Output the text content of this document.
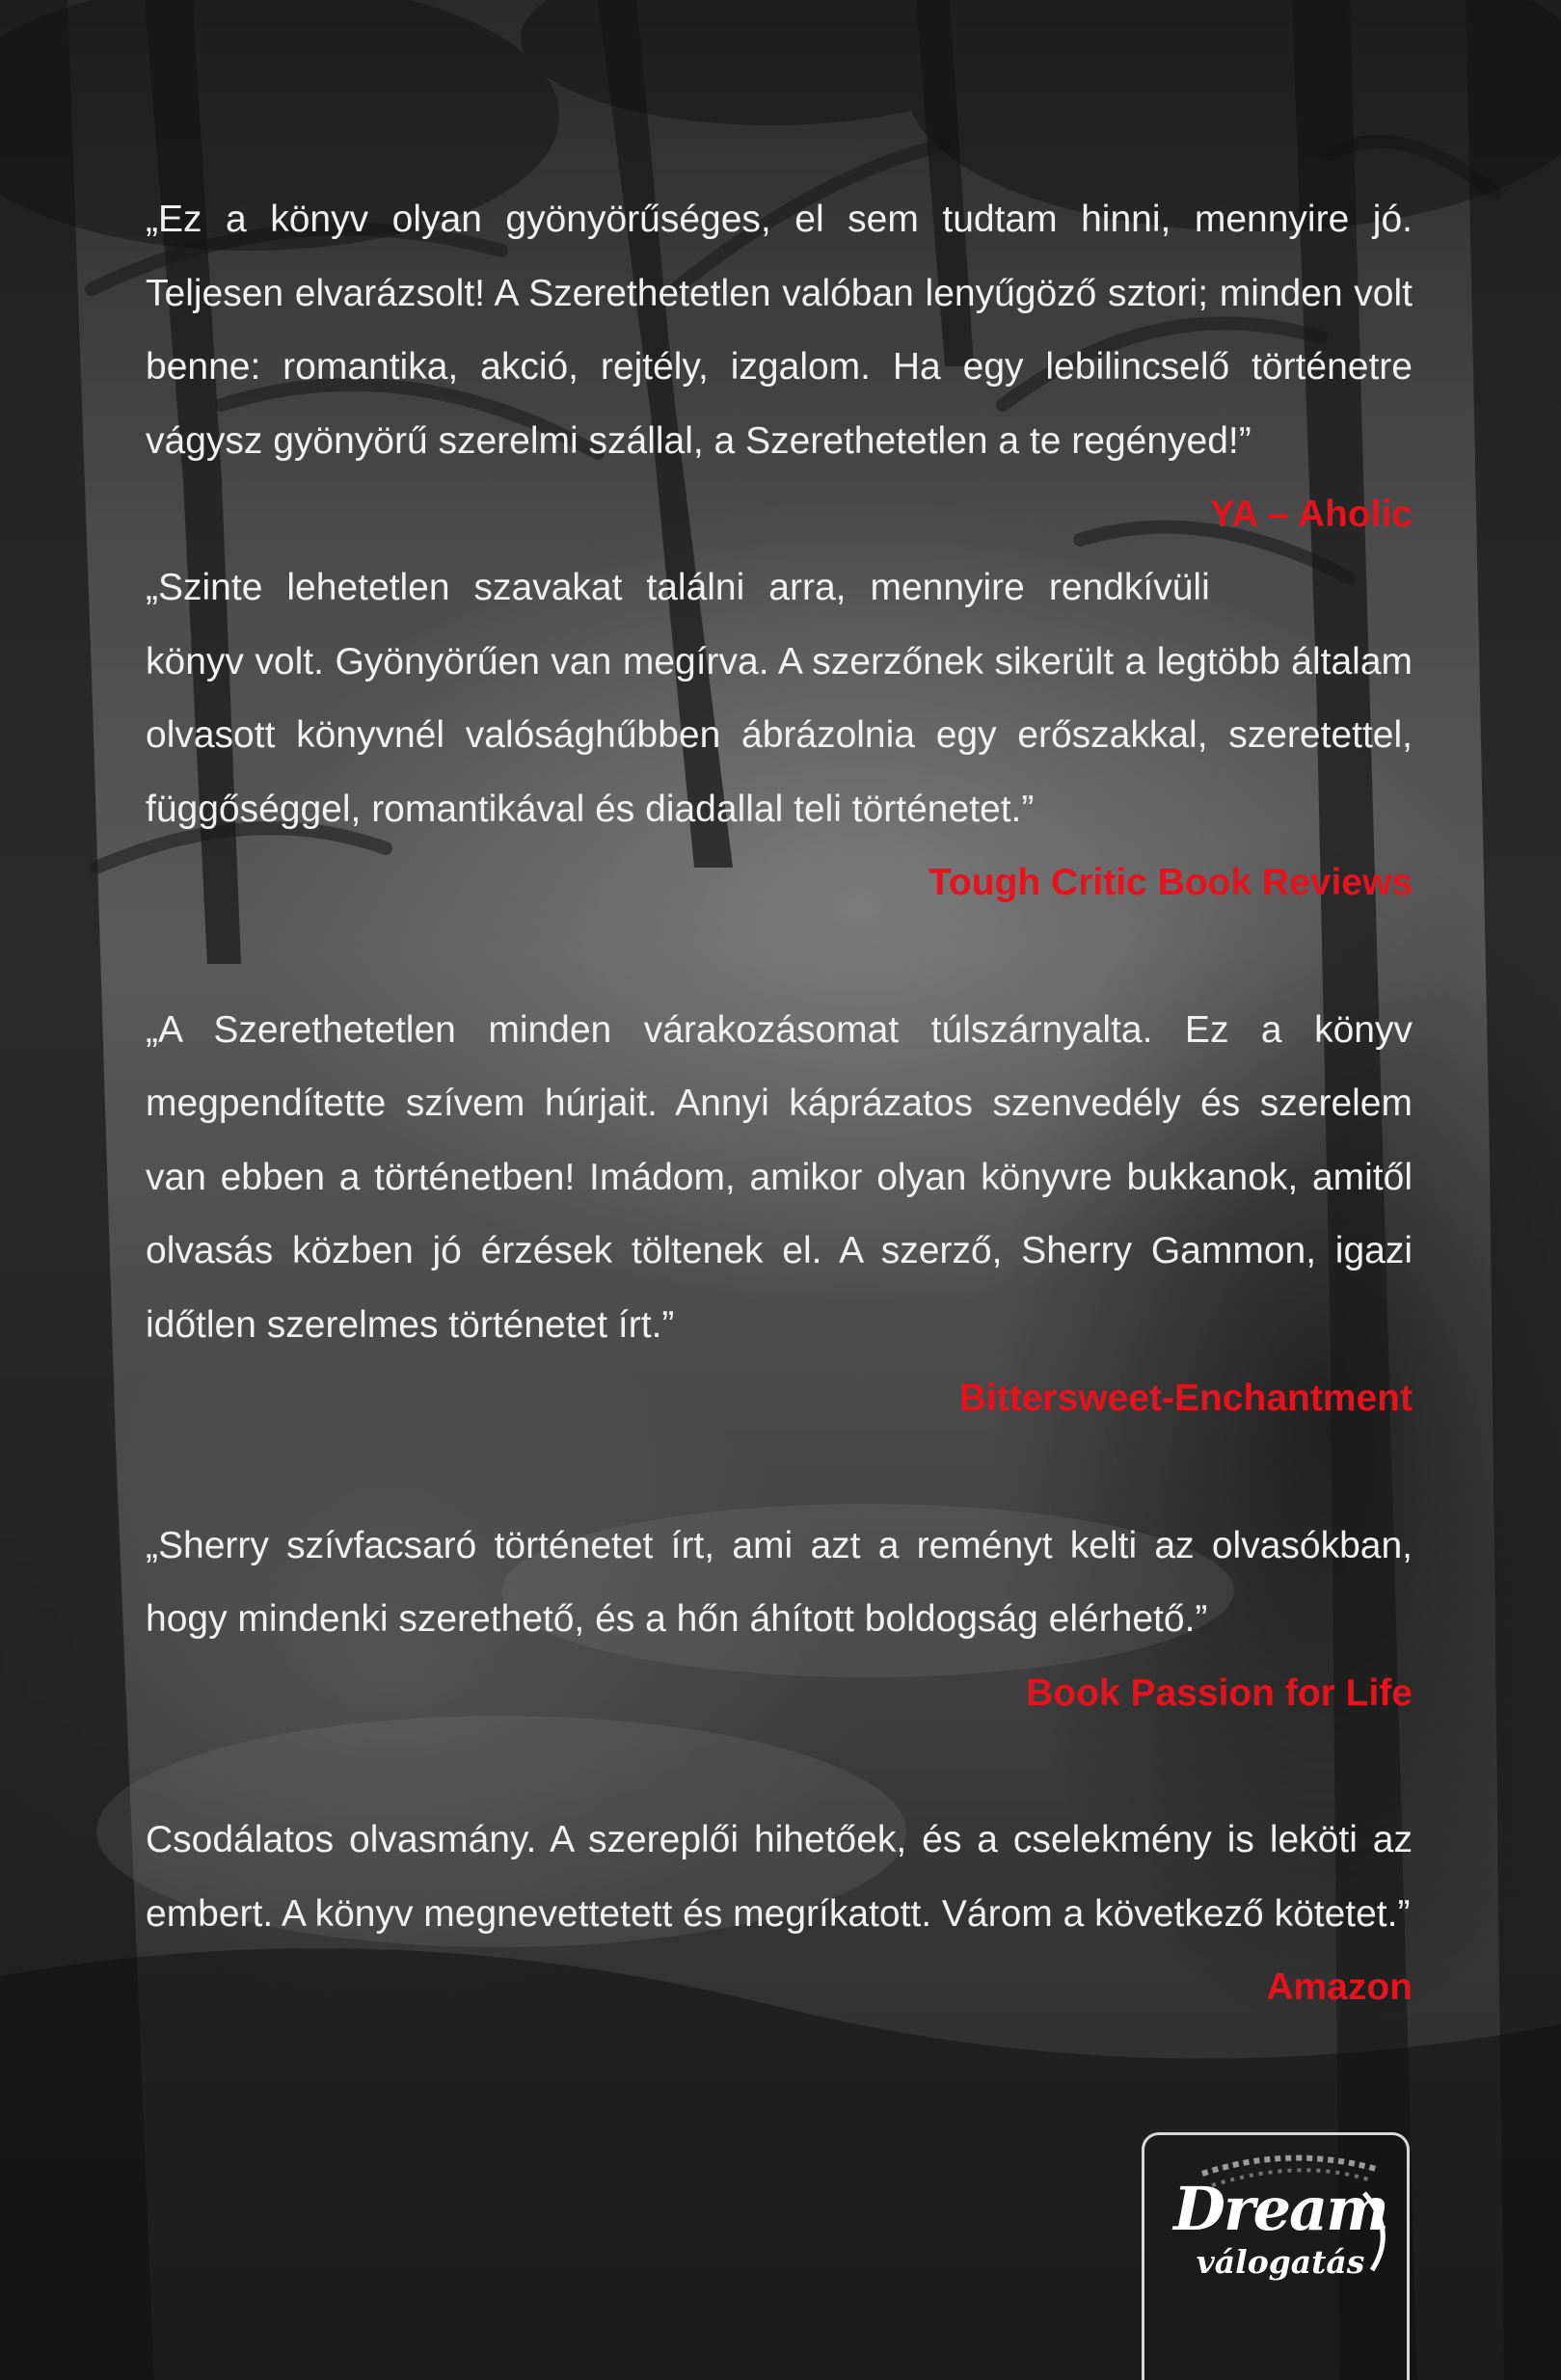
„Ez a könyv olyan gyönyörűséges, el sem tudtam hinni, mennyire jó. Teljesen elvarázsolt! A Szerethetetlen valóban lenyűgöző sztori; minden volt benne: romantika, akció, rejtély, izgalom. Ha egy lebilincselő történetre vágysz gyönyörű szerelmi szállal, a Szerethetetlen a te regényed!”
YA – Aholic

„Szinte lehetetlen szavakat találni arra, mennyire rendkívüli könyv volt. Gyönyörűen van megírva. A szerzőnek sikerült a legtöbb általam olvasott könyvnél valósághűbben ábrázolnia egy erőszakkal, szeretettel, függőséggel, romantikával és diadallal teli történetet.”

Tough Critic Book Reviews

„A Szerethetetlen minden várakozásomat túlszárnyalta. Ez a könyv megpendítette szívem húrjait. Annyi káprázatos szenvedély és szerelem van ebben a történetben! Imádom, amikor olyan könyvre bukkanok, amitől olvasás közben jó érzések töltenek el. A szerző, Sherry Gammon, igazi időtlen szerelmes történetet írt.”

Bittersweet-Enchantment

„Sherry szívfacsaró történetet írt, ami azt a reményt kelti az olvasókban, hogy mindenki szerethető, és a hőn áhított boldogság elérhető.”

Book Passion for Life

Csodálatos olvasmány. A szereplői hihetőek, és a cselekmény is leköti az embert. A könyv megnevettetett és megríkatott. Várom a következő kötetet.”
Amazon

Dream
válogatás
